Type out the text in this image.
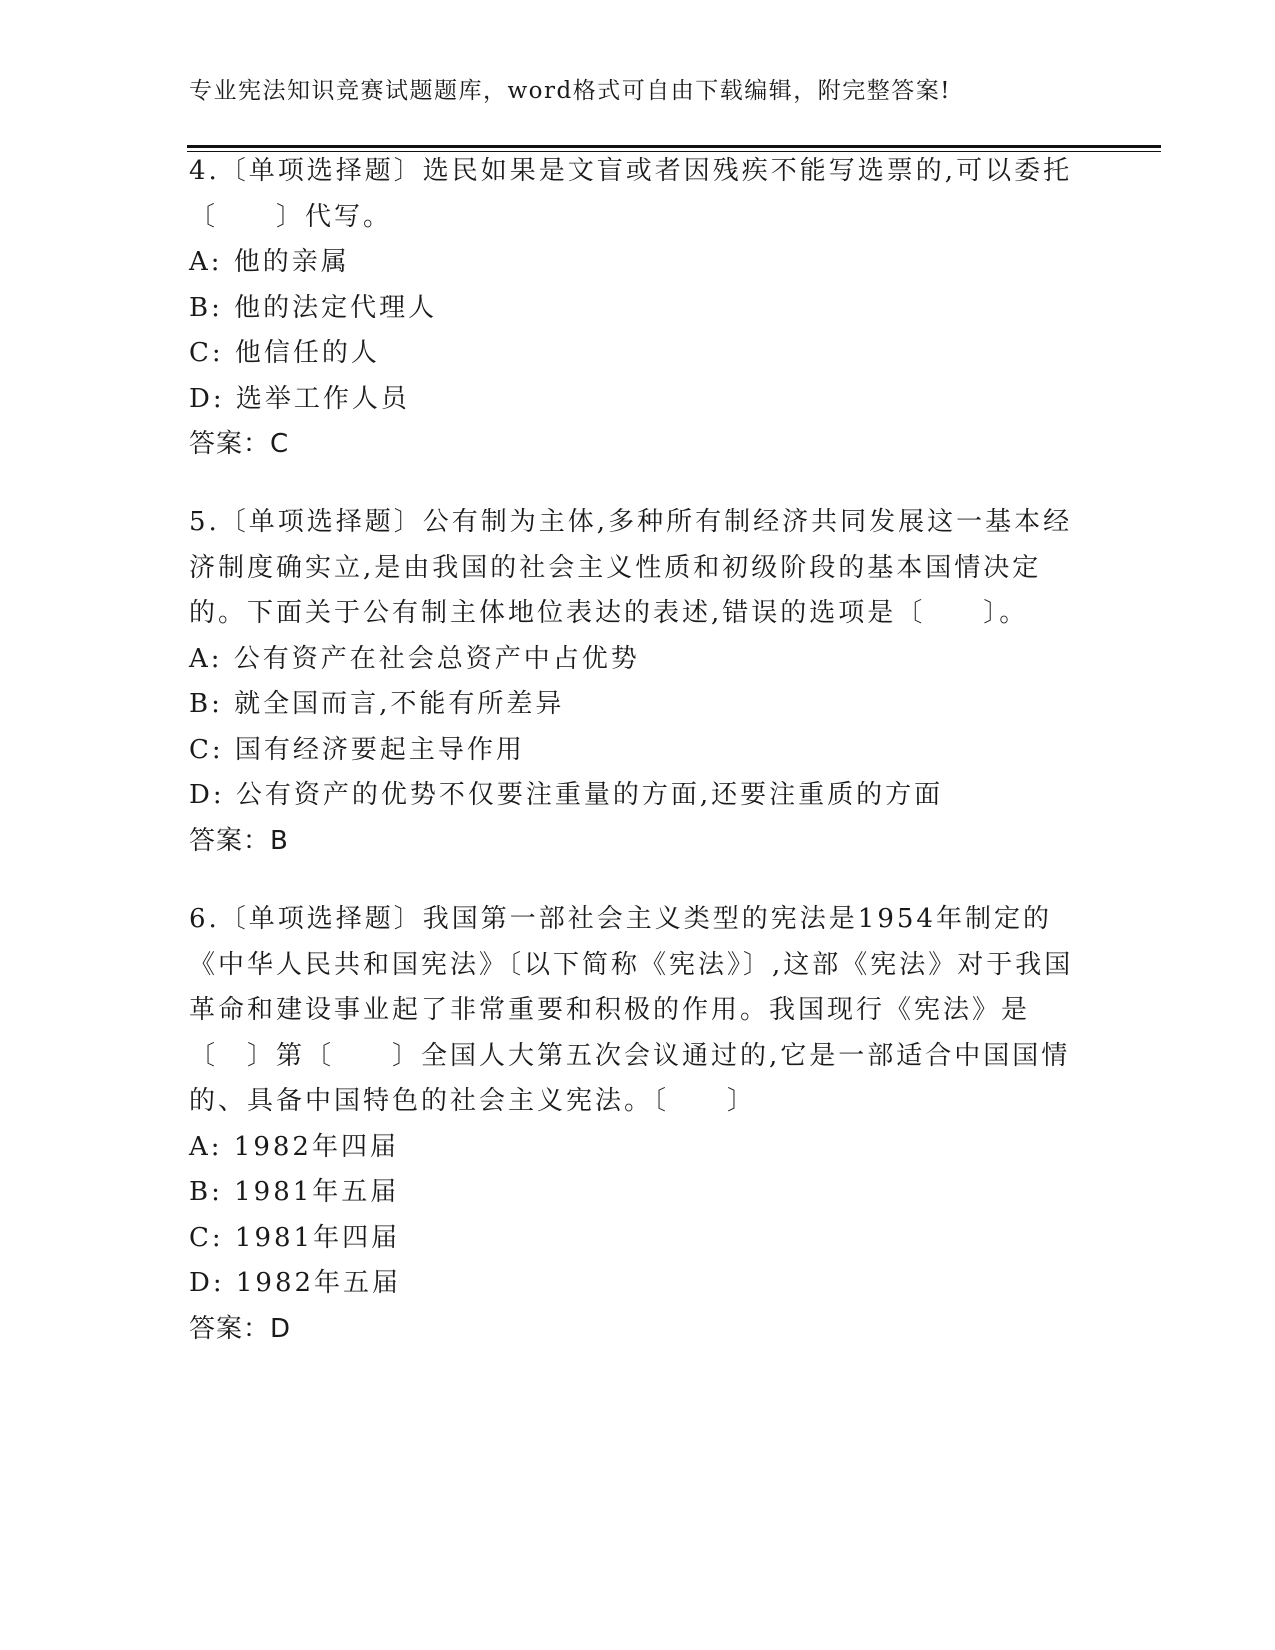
专业宪法知识竞赛试题题库，word格式可自由下载编辑，附完整答案!

4.〔单项选择题〕选民如果是文盲或者因残疾不能写选票的,可以委托〔　　〕代写。

A: 他的亲属
B: 他的法定代理人
C: 他信任的人
D: 选举工作人员
答案：C

5.〔单项选择题〕公有制为主体,多种所有制经济共同发展这一基本经济制度确实立,是由我国的社会主义性质和初级阶段的基本国情决定的。下面关于公有制主体地位表达的表述,错误的选项是〔　　〕。

A: 公有资产在社会总资产中占优势
B: 就全国而言,不能有所差异
C: 国有经济要起主导作用
D: 公有资产的优势不仅要注重量的方面,还要注重质的方面
答案：B

6.〔单项选择题〕我国第一部社会主义类型的宪法是1954年制定的《中华人民共和国宪法》〔以下简称《宪法》〕,这部《宪法》对于我国革命和建设事业起了非常重要和积极的作用。我国现行《宪法》是〔　〕第〔　　〕全国人大第五次会议通过的,它是一部适合中国国情的、具备中国特色的社会主义宪法。〔　　〕

A: 1982年四届
B: 1981年五届
C: 1981年四届
D: 1982年五届
答案：D
